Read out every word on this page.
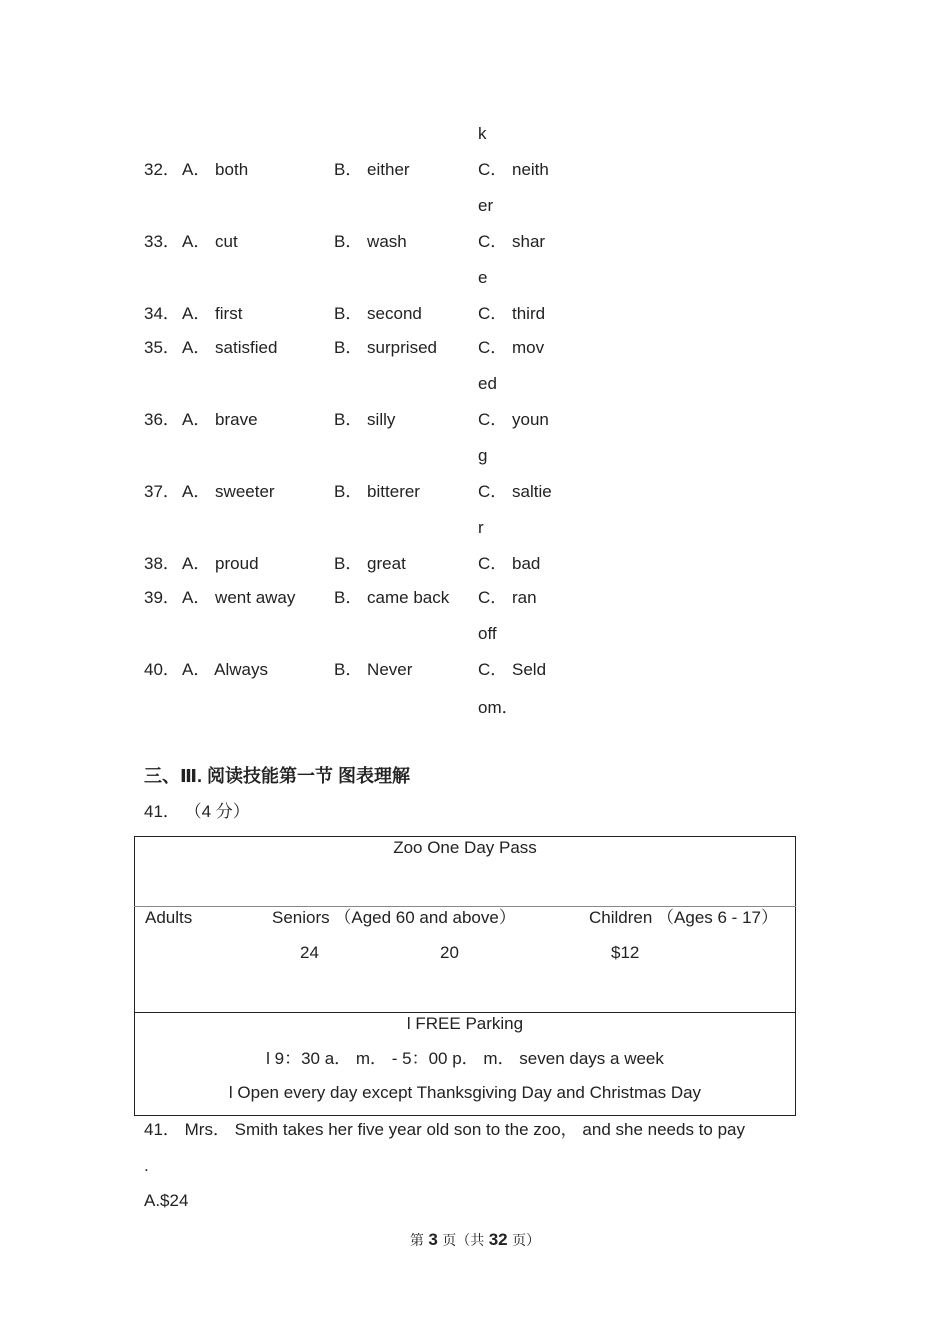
k
32． A． both	B． either	C． neith
er
33． A． cut	B． wash	C． shar
e
34． A． first	B． second	C． third
35． A． satisfied	B． surprised C． mov
ed
36． A． brave	B． silly	C． youn
g
37． A． sweeter	B． bitterer	C． saltie
r
38． A． proud	B． great	C． bad
39． A． went away B． came back C． ran
off
40． A． Always	B． Never	C． Seld
om．
三、Ⅲ. 阅读技能第一节 图表理解
41． （4 分）
Zoo One Day Pass
Adults	Seniors （Aged 60 and above）	Children （Ages 6 ‐ 17）
24	20	$12
l FREE Parking
l 9：30 a． m． ‐ 5：00 p． m． seven days a week
l Open every day except Thanksgiving Day and Christmas Day
41． Mrs． Smith takes her five year old son to the zoo， and she needs to pay
.
A.$24
第 3 页（共 32 页）
